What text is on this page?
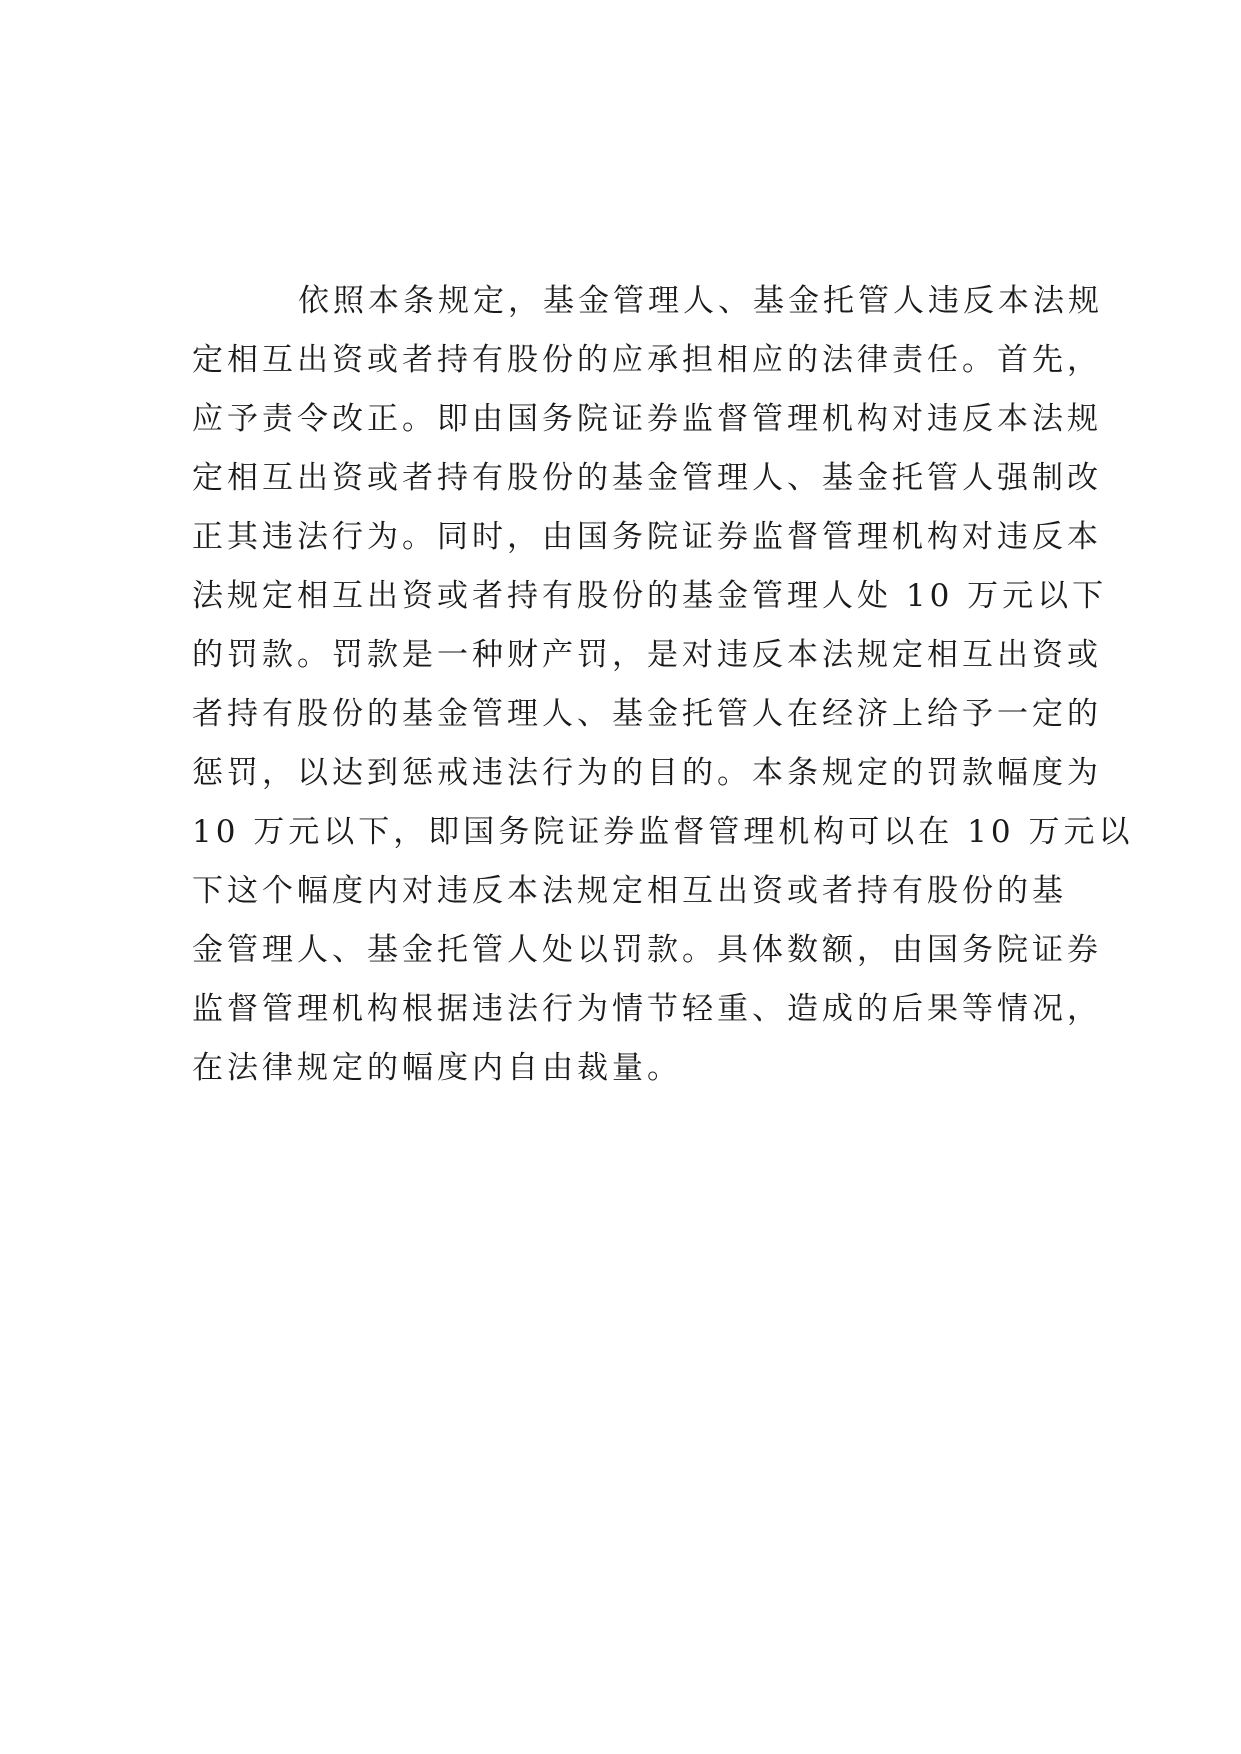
依照本条规定，基金管理人、基金托管人违反本法规
定相互出资或者持有股份的应承担相应的法律责任。首先，
应予责令改正。即由国务院证券监督管理机构对违反本法规
定相互出资或者持有股份的基金管理人、基金托管人强制改
正其违法行为。同时，由国务院证券监督管理机构对违反本
法规定相互出资或者持有股份的基金管理人处 10 万元以下
的罚款。罚款是一种财产罚，是对违反本法规定相互出资或
者持有股份的基金管理人、基金托管人在经济上给予一定的
惩罚，以达到惩戒违法行为的目的。本条规定的罚款幅度为
10 万元以下，即国务院证券监督管理机构可以在 10 万元以
下这个幅度内对违反本法规定相互出资或者持有股份的基
金管理人、基金托管人处以罚款。具体数额，由国务院证券
监督管理机构根据违法行为情节轻重、造成的后果等情况，
在法律规定的幅度内自由裁量。
